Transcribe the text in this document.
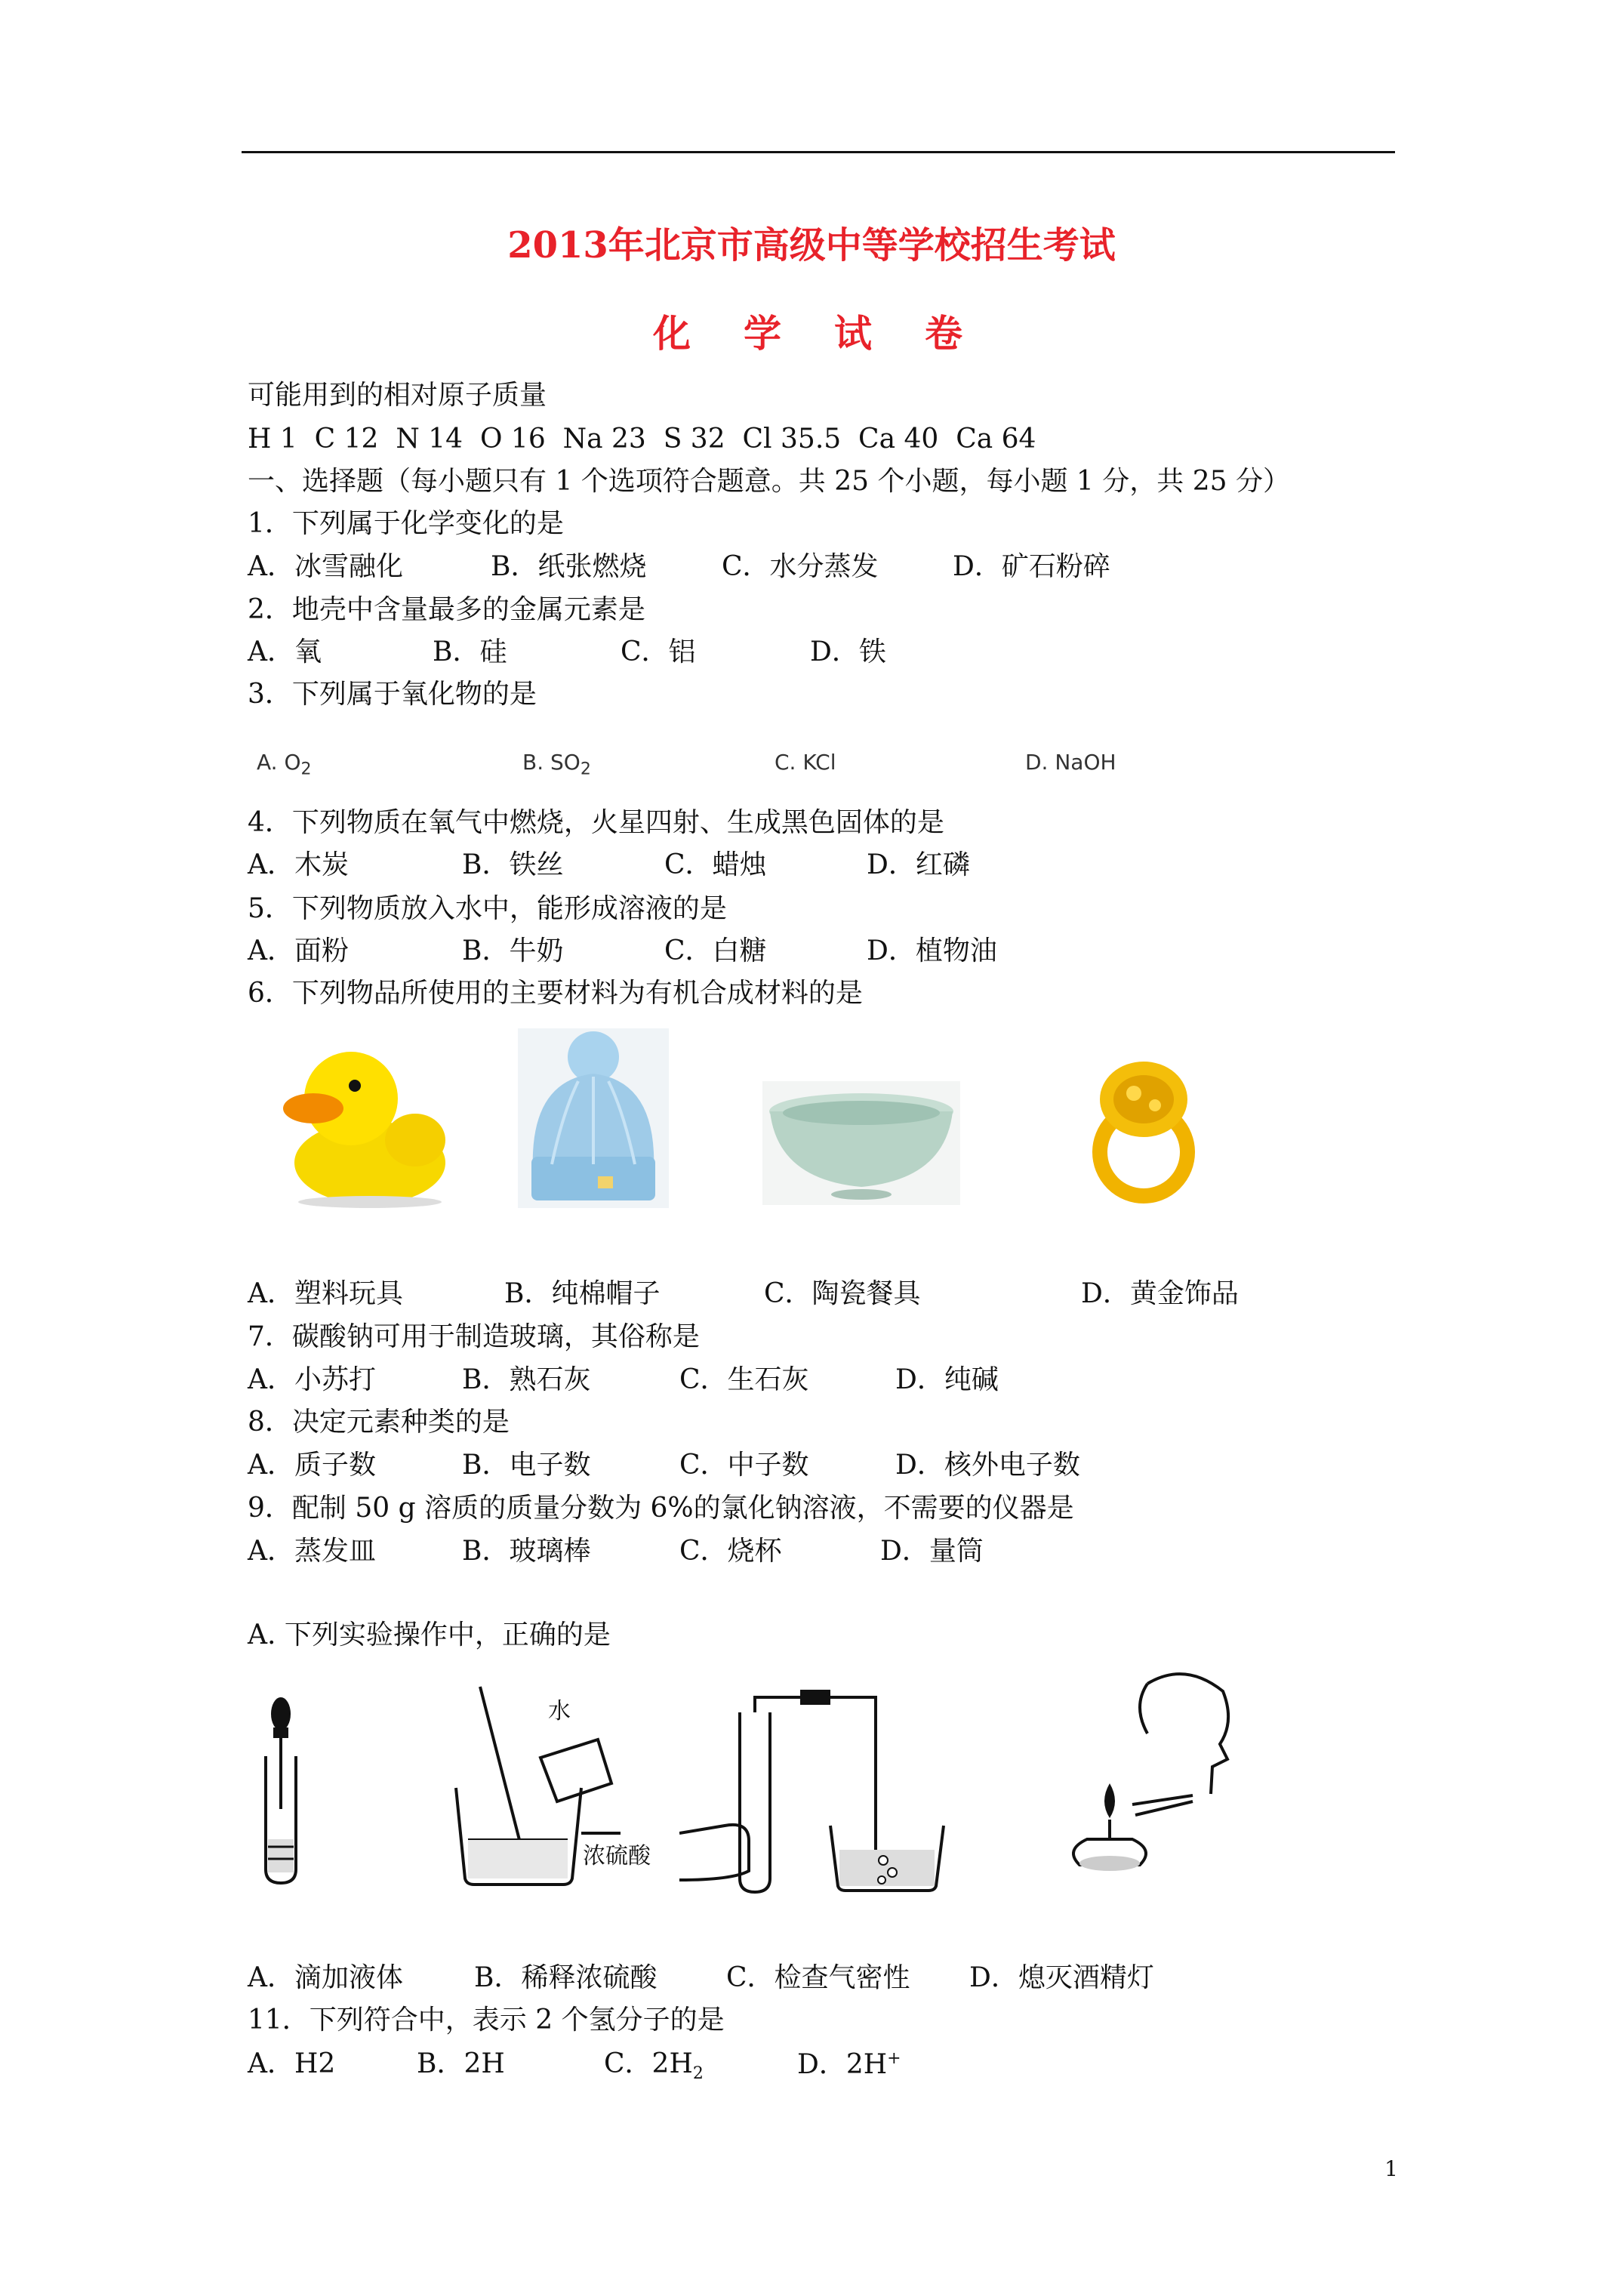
2013年北京市高级中等学校招生考试
化　学　试　卷
可能用到的相对原子质量
H 1  C 12  N 14  O 16  Na 23  S 32  Cl 35.5  Ca 40  Ca 64
一、选择题（每小题只有 1 个选项符合题意。共 25 个小题，每小题 1 分，共 25 分）
1．下列属于化学变化的是
A．冰雪融化	B．纸张燃烧	C．水分蒸发	D．矿石粉碎
2．地壳中含量最多的金属元素是
A．氧	B．硅	C．铝	D．铁
3．下列属于氧化物的是
A. $O_2$	B. $SO_2$	C. KCl	D. NaOH
4．下列物质在氧气中燃烧，火星四射、生成黑色固体的是
A．木炭	B．铁丝	C．蜡烛	D．红磷
5．下列物质放入水中，能形成溶液的是
A．面粉	B．牛奶	C．白糖	D．植物油
6．下列物品所使用的主要材料为有机合成材料的是
A．塑料玩具	B．纯棉帽子	C．陶瓷餐具	D．黄金饰品
7．碳酸钠可用于制造玻璃，其俗称是
A．小苏打	B．熟石灰	C．生石灰	D．纯碱
8．决定元素种类的是
A．质子数	B．电子数	C．中子数	D．核外电子数
9．配制 50 g 溶质的质量分数为 6%的氯化钠溶液，不需要的仪器是
A．蒸发皿	B．玻璃棒	C．烧杯	D．量筒
A. 下列实验操作中，正确的是
水
浓硫酸
A．滴加液体	B．稀释浓硫酸	C．检查气密性 D．熄灭酒精灯
11．下列符合中，表示 2 个氢分子的是
A．H2	B．2H	C．$2H_2$	D．2H+
1
